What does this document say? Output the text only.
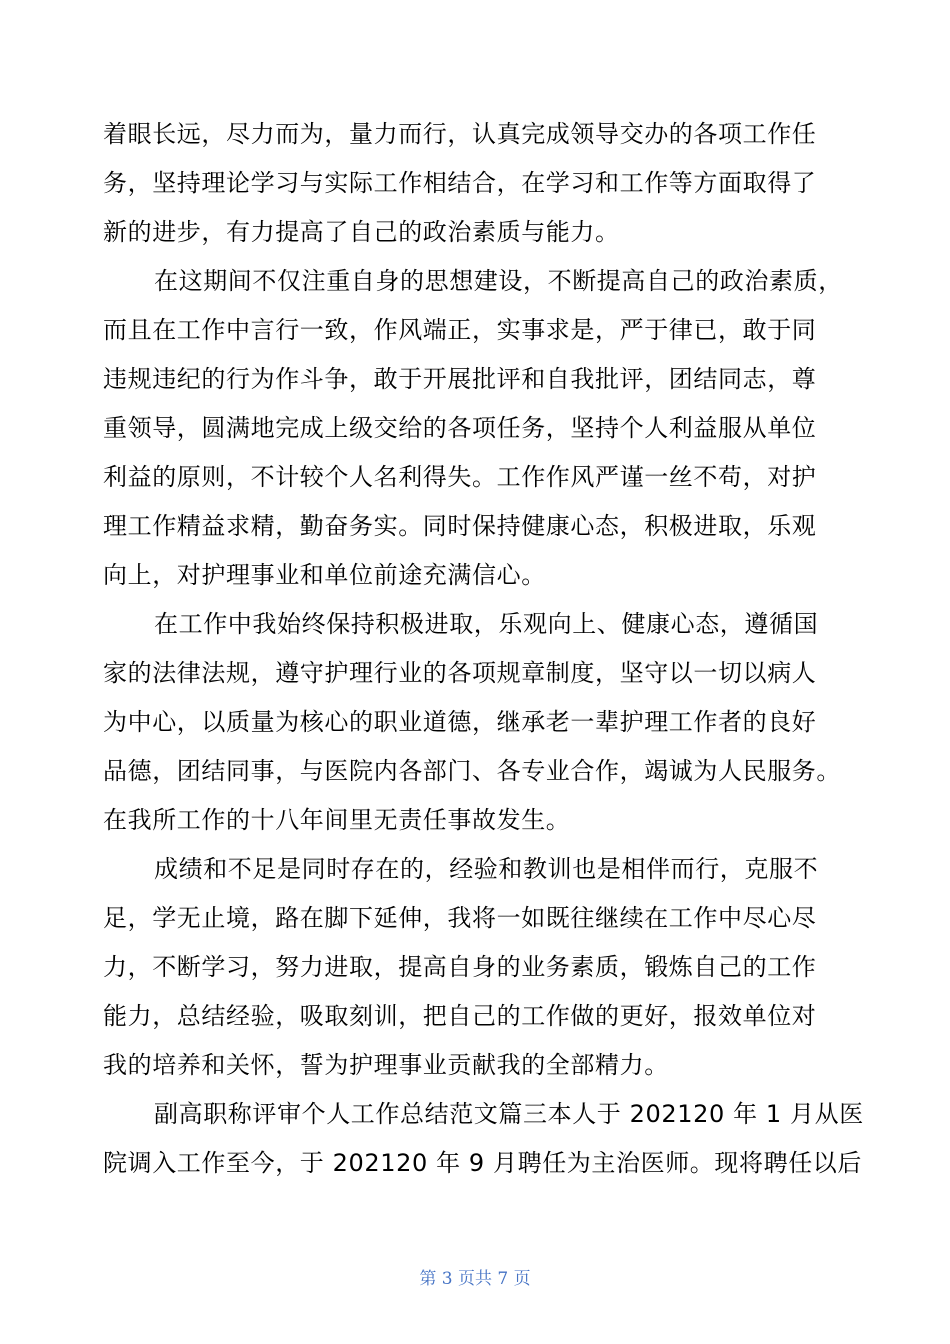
着眼长远，尽力而为，量力而行，认真完成领导交办的各项工作任
务，坚持理论学习与实际工作相结合，在学习和工作等方面取得了
新的进步，有力提高了自己的政治素质与能力。
在这期间不仅注重自身的思想建设，不断提高自己的政治素质，
而且在工作中言行一致，作风端正，实事求是，严于律已，敢于同
违规违纪的行为作斗争，敢于开展批评和自我批评，团结同志，尊
重领导，圆满地完成上级交给的各项任务，坚持个人利益服从单位
利益的原则，不计较个人名利得失。工作作风严谨一丝不苟，对护
理工作精益求精，勤奋务实。同时保持健康心态，积极进取，乐观
向上，对护理事业和单位前途充满信心。
在工作中我始终保持积极进取，乐观向上、健康心态，遵循国
家的法律法规，遵守护理行业的各项规章制度，坚守以一切以病人
为中心，以质量为核心的职业道德，继承老一辈护理工作者的良好
品德，团结同事，与医院内各部门、各专业合作，竭诚为人民服务。
在我所工作的十八年间里无责任事故发生。
成绩和不足是同时存在的，经验和教训也是相伴而行，克服不
足，学无止境，路在脚下延伸，我将一如既往继续在工作中尽心尽
力，不断学习，努力进取，提高自身的业务素质，锻炼自己的工作
能力，总结经验，吸取刻训，把自己的工作做的更好，报效单位对
我的培养和关怀，誓为护理事业贡献我的全部精力。
副高职称评审个人工作总结范文篇三本人于 202120 年 1 月从医
院调入工作至今，于 202120 年 9 月聘任为主治医师。现将聘任以后
第 3 页共 7 页
